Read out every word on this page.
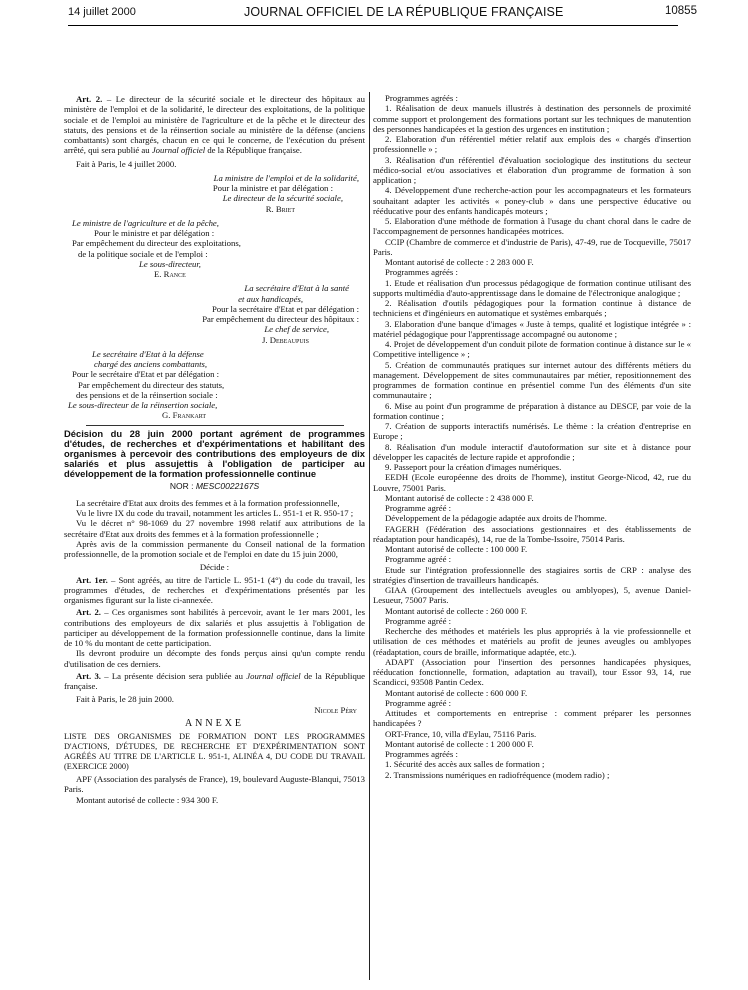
14 juillet 2000	JOURNAL OFFICIEL DE LA RÉPUBLIQUE FRANÇAISE	10855

Art. 2. – Le directeur de la sécurité sociale et le directeur des hôpitaux au ministère de l'emploi et de la solidarité, le directeur des exploitations, de la politique sociale et de l'emploi au ministère de l'agriculture et de la pêche et le directeur des statuts, des pensions et de la réinsertion sociale au ministère de la défense (anciens combattants) sont chargés, chacun en ce qui le concerne, de l'exécution du présent arrêté, qui sera publié au Journal officiel de la République française.

Fait à Paris, le 4 juillet 2000.

La ministre de l'emploi et de la solidarité,

Pour la ministre et par délégation :

Le directeur de la sécurité sociale,

R. Briet

Le ministre de l'agriculture et de la pêche,

Pour le ministre et par délégation :

Par empêchement du directeur des exploitations,

de la politique sociale et de l'emploi :

Le sous-directeur,

E. Rance

La secrétaire d'Etat à la santé

et aux handicapés,

Pour la secrétaire d'Etat et par délégation :

Par empêchement du directeur des hôpitaux :

Le chef de service,

J. Debeaupuis

Le secrétaire d'Etat à la défense

chargé des anciens combattants,

Pour le secrétaire d'Etat et par délégation :

Par empêchement du directeur des statuts,

des pensions et de la réinsertion sociale :

Le sous-directeur de la réinsertion sociale,

G. Frankart

Décision du 28 juin 2000 portant agrément de programmes d'études, de recherches et d'expérimentations et habilitant des organismes à percevoir des contributions des employeurs de dix salariés et plus assujettis à l'obligation de participer au développement de la formation professionnelle continue

NOR : MESC0022167S

La secrétaire d'Etat aux droits des femmes et à la formation professionnelle,

Vu le livre IX du code du travail, notamment les articles L. 951-1 et R. 950-17 ;

Vu le décret n° 98-1069 du 27 novembre 1998 relatif aux attributions de la secrétaire d'Etat aux droits des femmes et à la formation professionnelle ;

Après avis de la commission permanente du Conseil national de la formation professionnelle, de la promotion sociale et de l'emploi en date du 15 juin 2000,

Décide :

Art. 1er. – Sont agréés, au titre de l'article L. 951-1 (4°) du code du travail, les programmes d'études, de recherches et d'expérimentations présentés par les organismes figurant sur la liste ci-annexée.

Art. 2. – Ces organismes sont habilités à percevoir, avant le 1er mars 2001, les contributions des employeurs de dix salariés et plus assujettis à l'obligation de participer au développement de la formation professionnelle continue, dans la limite de 10 % du montant de cette participation.

Ils devront produire un décompte des fonds perçus ainsi qu'un compte rendu d'utilisation de ces derniers.

Art. 3. – La présente décision sera publiée au Journal officiel de la République française.

Fait à Paris, le 28 juin 2000.

Nicole Péry

ANNEXE

LISTE DES ORGANISMES DE FORMATION DONT LES PROGRAMMES D'ACTIONS, D'ÉTUDES, DE RECHERCHE ET D'EXPÉRIMENTATION SONT AGRÉÉS AU TITRE DE L'ARTICLE L. 951-1, ALINÉA 4, DU CODE DU TRAVAIL (EXERCICE 2000)

APF (Association des paralysés de France), 19, boulevard Auguste-Blanqui, 75013 Paris.

Montant autorisé de collecte : 934 300 F.

Programmes agréés :

1. Réalisation de deux manuels illustrés à destination des personnels de proximité comme support et prolongement des formations portant sur les techniques de manutention des personnes handicapées et la gestion des urgences en institution ;

2. Elaboration d'un référentiel métier relatif aux emplois des « chargés d'insertion professionnelle » ;

3. Réalisation d'un référentiel d'évaluation sociologique des institutions du secteur médico-social et/ou associatives et élaboration d'un programme de formation à son application ;

4. Développement d'une recherche-action pour les accompagnateurs et les formateurs souhaitant adapter les activités « poney-club » dans une perspective éducative ou rééducative pour des enfants handicapés moteurs ;

5. Elaboration d'une méthode de formation à l'usage du chant choral dans le cadre de l'accompagnement de personnes handicapées motrices.

CCIP (Chambre de commerce et d'industrie de Paris), 47-49, rue de Tocqueville, 75017 Paris.

Montant autorisé de collecte : 2 283 000 F.

Programmes agréés :

1. Etude et réalisation d'un processus pédagogique de formation continue utilisant des supports multimédia d'auto-apprentissage dans le domaine de l'électronique analogique ;

2. Réalisation d'outils pédagogiques pour la formation continue à distance de techniciens et d'ingénieurs en automatique et systèmes embarqués ;

3. Elaboration d'une banque d'images « Juste à temps, qualité et logistique intégrée » : matériel pédagogique pour l'apprentissage accompagné ou autonome ;

4. Projet de développement d'un conduit pilote de formation continue à distance sur le « Competitive intelligence » ;

5. Création de communautés pratiques sur internet autour des différents métiers du management. Développement de sites communautaires par métier, repositionnement des programmes de formation continue en présentiel comme l'un des éléments d'un site communautaire ;

6. Mise au point d'un programme de préparation à distance au DESCF, par voie de la formation continue ;

7. Création de supports interactifs numérisés. Le thème : la création d'entreprise en Europe ;

8. Réalisation d'un module interactif d'autoformation sur site et à distance pour développer les capacités de lecture rapide et approfondie ;

9. Passeport pour la création d'images numériques.

EEDH (Ecole européenne des droits de l'homme), institut George-Nicod, 42, rue du Louvre, 75001 Paris.

Montant autorisé de collecte : 2 438 000 F.

Programme agréé :

Développement de la pédagogie adaptée aux droits de l'homme.

FAGERH (Fédération des associations gestionnaires et des établissements de réadaptation pour handicapés), 14, rue de la Tombe-Issoire, 75014 Paris.

Montant autorisé de collecte : 100 000 F.

Programme agréé :

Etude sur l'intégration professionnelle des stagiaires sortis de CRP : analyse des stratégies d'insertion de travailleurs handicapés.

GIAA (Groupement des intellectuels aveugles ou amblyopes), 5, avenue Daniel-Lesueur, 75007 Paris.

Montant autorisé de collecte : 260 000 F.

Programme agréé :

Recherche des méthodes et matériels les plus appropriés à la vie professionnelle et utilisation de ces méthodes et matériels au profit de jeunes aveugles ou amblyopes (réadaptation, cours de braille, informatique adaptée, etc.).

ADAPT (Association pour l'insertion des personnes handicapées physiques, rééducation fonctionnelle, formation, adaptation au travail), tour Essor 93, 14, rue Scandicci, 93508 Pantin Cedex.

Montant autorisé de collecte : 600 000 F.

Programme agréé :

Attitudes et comportements en entreprise : comment préparer les personnes handicapées ?

ORT-France, 10, villa d'Eylau, 75116 Paris.

Montant autorisé de collecte : 1 200 000 F.

Programmes agréés :

1. Sécurité des accès aux salles de formation ;

2. Transmissions numériques en radiofréquence (modem radio) ;
